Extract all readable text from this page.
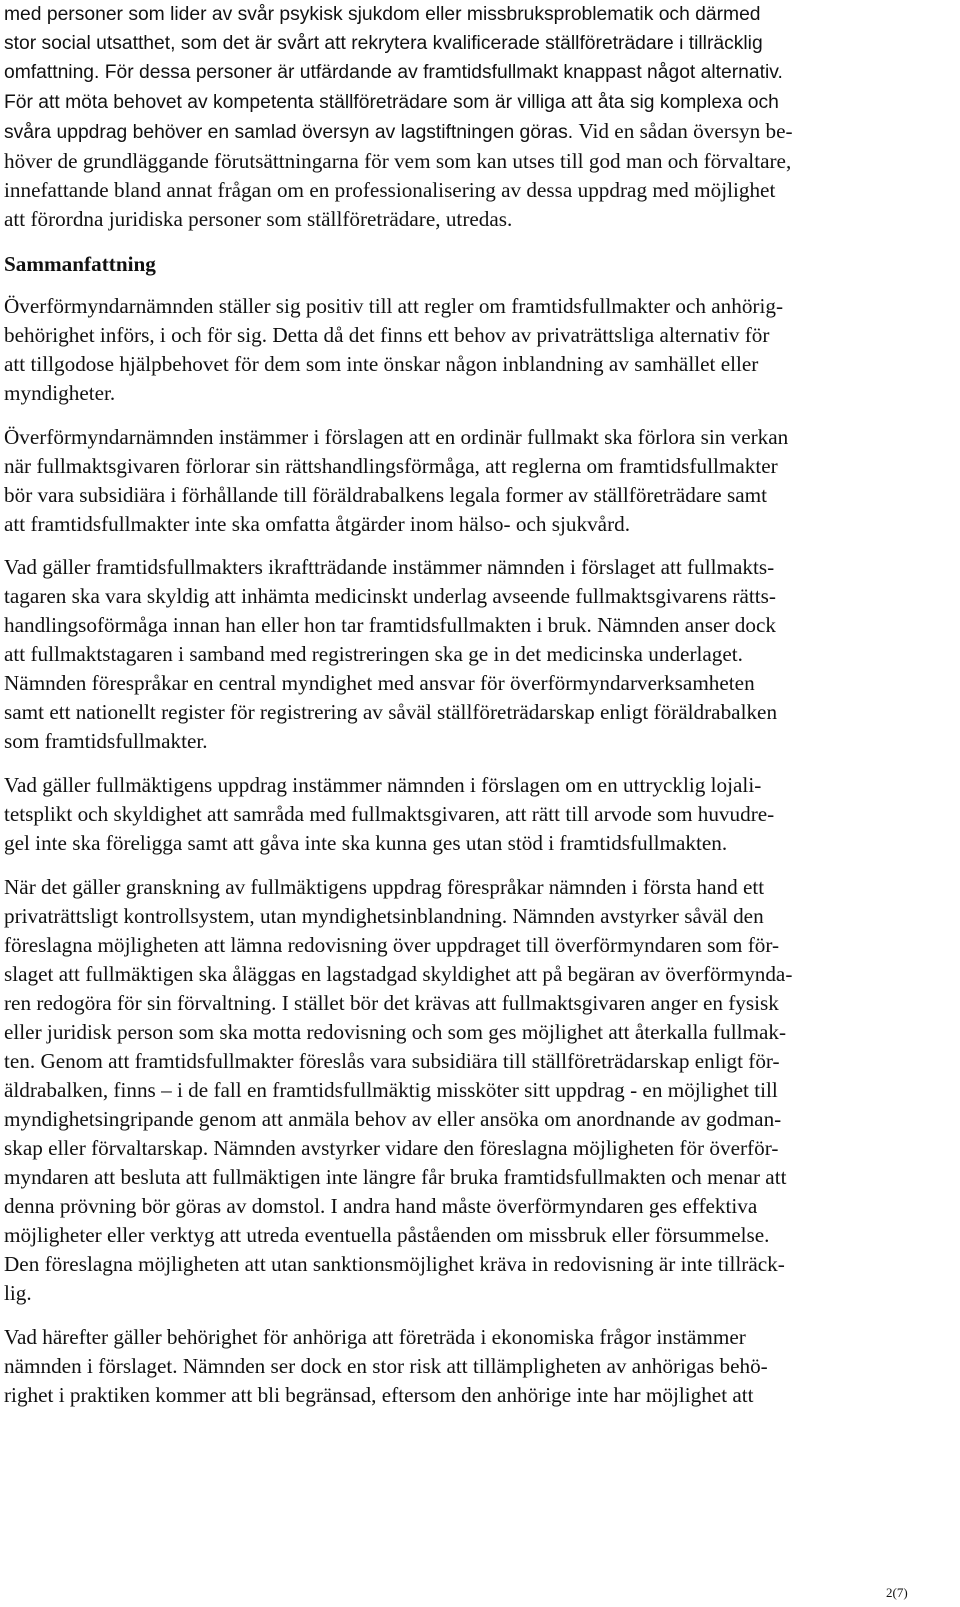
med personer som lider av svår psykisk sjukdom eller missbruksproblematik och därmed
stor social utsatthet, som det är svårt att rekrytera kvalificerade ställföreträdare i tillräcklig
omfattning. För dessa personer är utfärdande av framtidsfullmakt knappast något alternativ.
För att möta behovet av kompetenta ställföreträdare som är villiga att åta sig komplexa och
svåra uppdrag behöver en samlad översyn av lagstiftningen göras. Vid en sådan översyn be-
höver de grundläggande förutsättningarna för vem som kan utses till god man och förvaltare,
innefattande bland annat frågan om en professionalisering av dessa uppdrag med möjlighet
att förordna juridiska personer som ställföreträdare, utredas.
Sammanfattning
Överförmyndarnämnden ställer sig positiv till att regler om framtidsfullmakter och anhörig-
behörighet införs, i och för sig. Detta då det finns ett behov av privaträttsliga alternativ för
att tillgodose hjälpbehovet för dem som inte önskar någon inblandning av samhället eller
myndigheter.
Överförmyndarnämnden instämmer i förslagen att en ordinär fullmakt ska förlora sin verkan
när fullmaktsgivaren förlorar sin rättshandlingsförmåga, att reglerna om framtidsfullmakter
bör vara subsidiära i förhållande till föräldrabalkens legala former av ställföreträdare samt
att framtidsfullmakter inte ska omfatta åtgärder inom hälso- och sjukvård.
Vad gäller framtidsfullmakters ikraftträdande instämmer nämnden i förslaget att fullmakts-
tagaren ska vara skyldig att inhämta medicinskt underlag avseende fullmaktsgivarens rätts-
handlingsoförmåga innan han eller hon tar framtidsfullmakten i bruk. Nämnden anser dock
att fullmaktstagaren i samband med registreringen ska ge in det medicinska underlaget.
Nämnden förespråkar en central myndighet med ansvar för överförmyndarverksamheten
samt ett nationellt register för registrering av såväl ställföreträdarskap enligt föräldrabalken
som framtidsfullmakter.
Vad gäller fullmäktigens uppdrag instämmer nämnden i förslagen om en uttrycklig lojali-
tetsplikt och skyldighet att samråda med fullmaktsgivaren, att rätt till arvode som huvudre-
gel inte ska föreligga samt att gåva inte ska kunna ges utan stöd i framtidsfullmakten.
När det gäller granskning av fullmäktigens uppdrag förespråkar nämnden i första hand ett
privaträttsligt kontrollsystem, utan myndighetsinblandning. Nämnden avstyrker såväl den
föreslagna möjligheten att lämna redovisning över uppdraget till överförmyndaren som för-
slaget att fullmäktigen ska åläggas en lagstadgad skyldighet att på begäran av överförmynda-
ren redogöra för sin förvaltning. I stället bör det krävas att fullmaktsgivaren anger en fysisk
eller juridisk person som ska motta redovisning och som ges möjlighet att återkalla fullmak-
ten. Genom att framtidsfullmakter föreslås vara subsidiära till ställföreträdarskap enligt för-
äldrabalken, finns – i de fall en framtidsfullmäktig missköter sitt uppdrag - en möjlighet till
myndighetsingripande genom att anmäla behov av eller ansöka om anordnande av godman-
skap eller förvaltarskap. Nämnden avstyrker vidare den föreslagna möjligheten för överför-
myndaren att besluta att fullmäktigen inte längre får bruka framtidsfullmakten och menar att
denna prövning bör göras av domstol. I andra hand måste överförmyndaren ges effektiva
möjligheter eller verktyg att utreda eventuella påståenden om missbruk eller försummelse.
Den föreslagna möjligheten att utan sanktionsmöjlighet kräva in redovisning är inte tillräck-
lig.
Vad härefter gäller behörighet för anhöriga att företräda i ekonomiska frågor instämmer
nämnden i förslaget. Nämnden ser dock en stor risk att tillämpligheten av anhörigas behö-
righet i praktiken kommer att bli begränsad, eftersom den anhörige inte har möjlighet att
2(7)
